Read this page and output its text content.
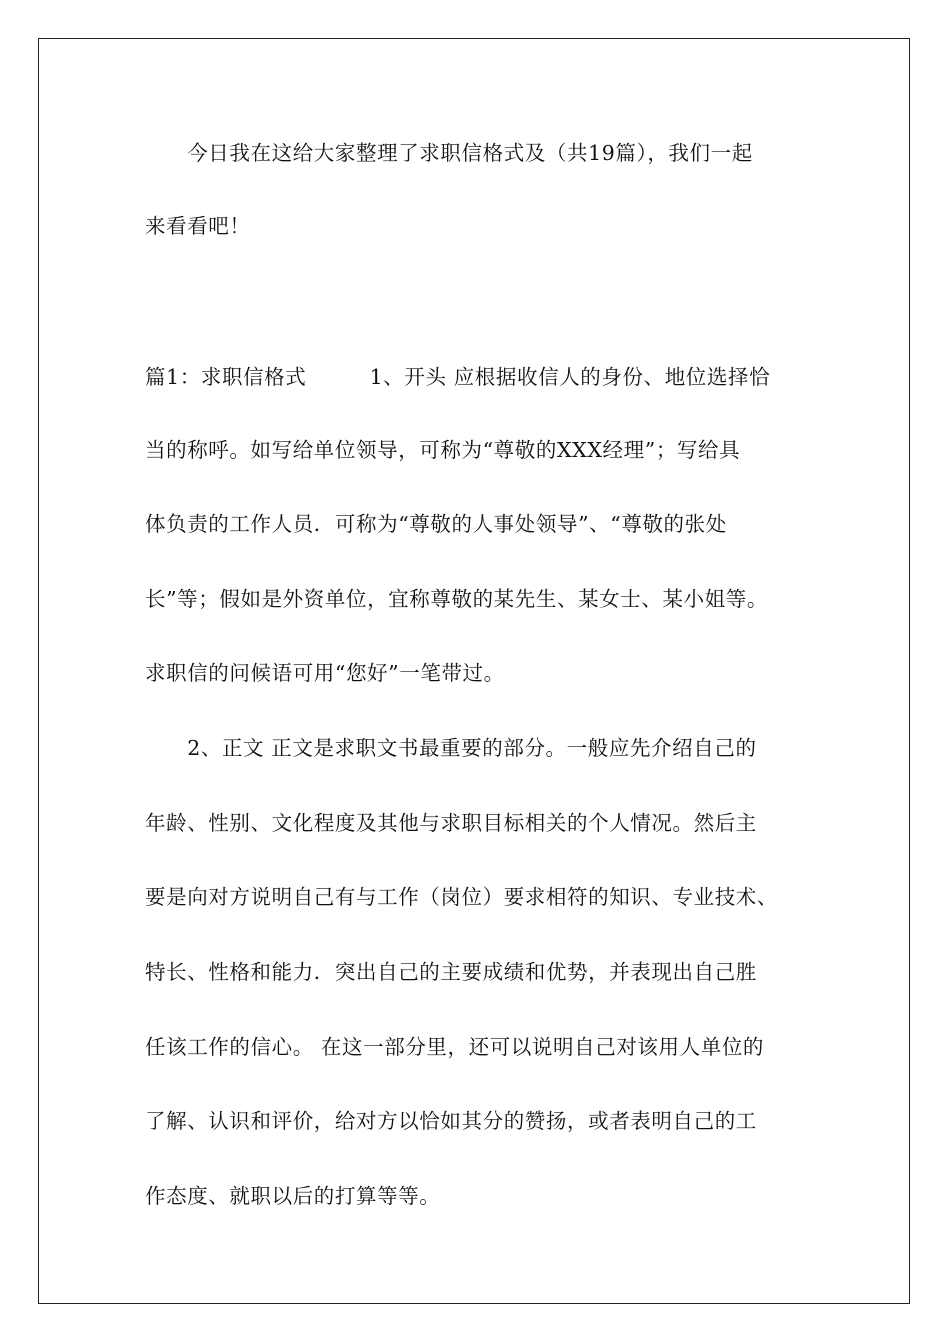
　　今日我在这给大家整理了求职信格式及（共19篇），我们一起
来看看吧！
篇1：求职信格式　　　1、开头 应根据收信人的身份、地位选择恰
当的称呼。如写给单位领导，可称为“尊敬的XXX经理”；写给具
体负责的工作人员．可称为“尊敬的人事处领导”、“尊敬的张处
长”等；假如是外资单位，宜称尊敬的某先生、某女士、某小姐等。
求职信的问候语可用“您好”一笔带过。
　　2、正文 正文是求职文书最重要的部分。一般应先介绍自己的
年龄、性别、文化程度及其他与求职目标相关的个人情况。然后主
要是向对方说明自己有与工作（岗位）要求相符的知识、专业技术、
特长、性格和能力．突出自己的主要成绩和优势，并表现出自己胜
任该工作的信心。 在这一部分里，还可以说明自己对该用人单位的
了解、认识和评价，给对方以恰如其分的赞扬，或者表明自己的工
作态度、就职以后的打算等等。
